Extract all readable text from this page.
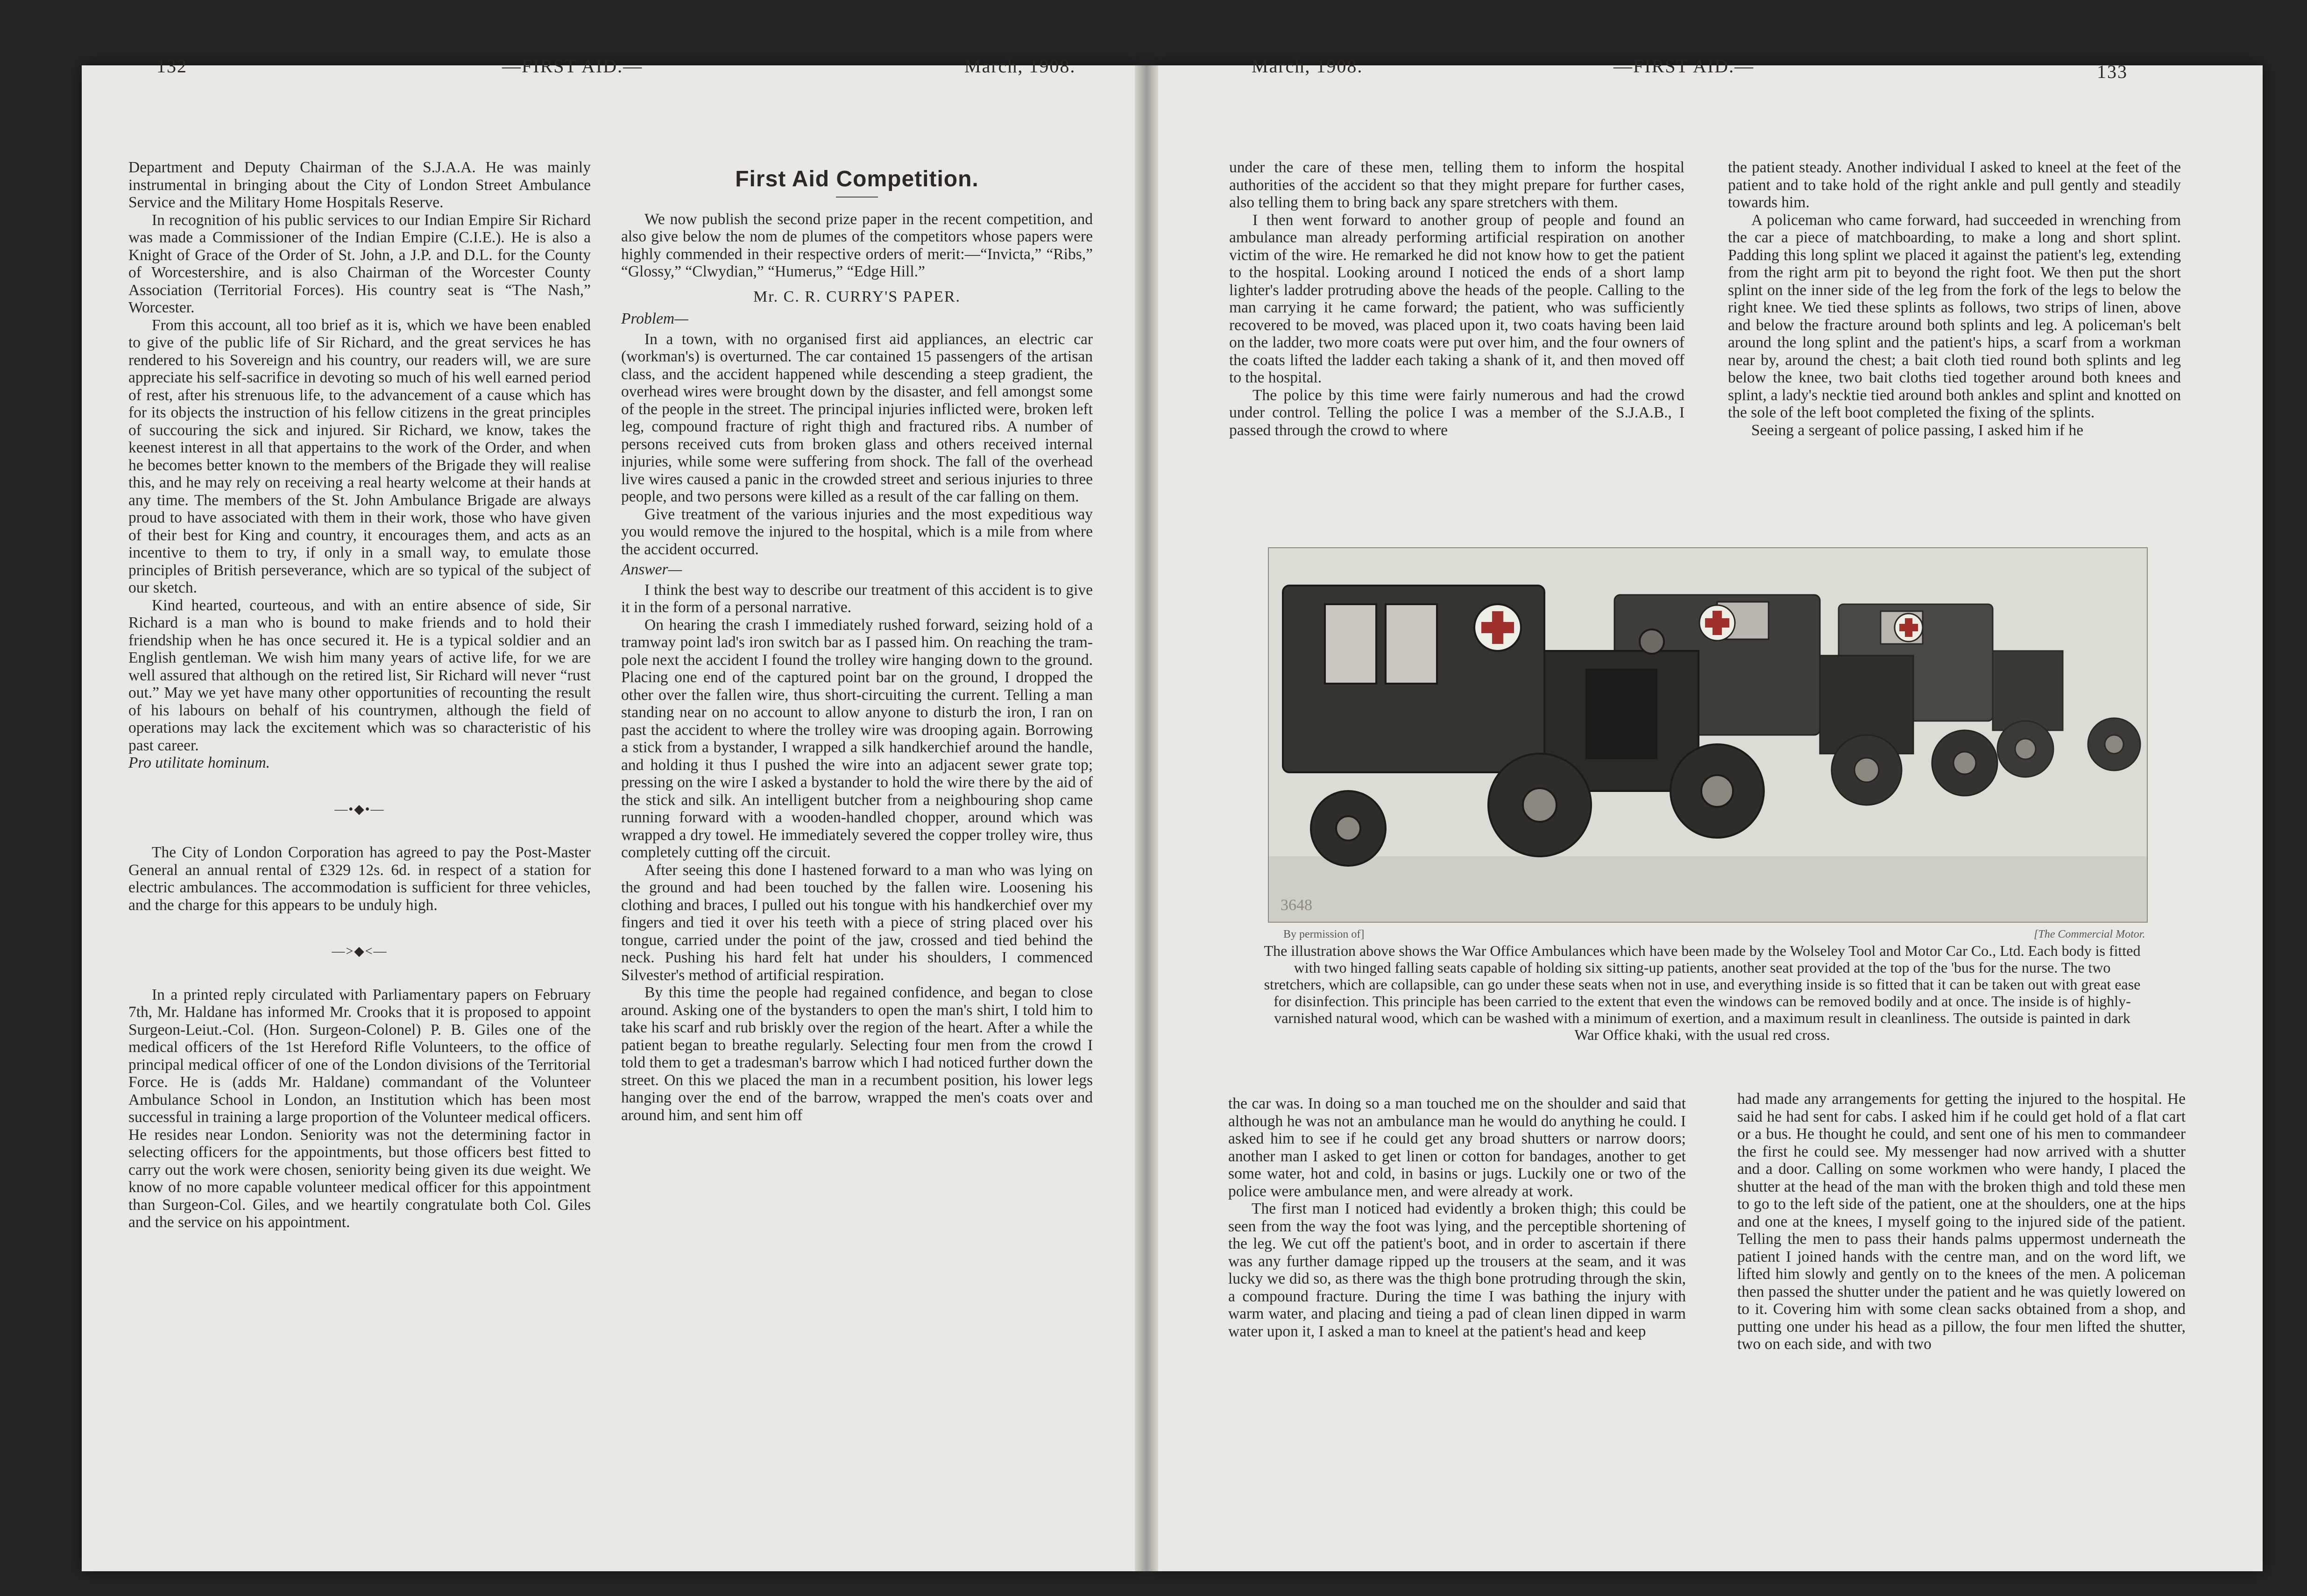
132	—FIRST AID.—	March, 1908.	March, 1908.	—FIRST AID.—	133

Department and Deputy Chairman of the S.J.A.A. He was mainly instrumental in bringing about the City of London Street Ambulance Service and the Military Home Hospitals Reserve.

In recognition of his public services to our Indian Empire Sir Richard was made a Commissioner of the Indian Empire (C.I.E.). He is also a Knight of Grace of the Order of St. John, a J.P. and D.L. for the County of Worcestershire, and is also Chairman of the Worcester County Association (Territorial Forces). His country seat is “The Nash,” Worcester.

From this account, all too brief as it is, which we have been enabled to give of the public life of Sir Richard, and the great services he has rendered to his Sovereign and his country, our readers will, we are sure appreciate his self-sacrifice in devoting so much of his well earned period of rest, after his strenuous life, to the advancement of a cause which has for its objects the instruction of his fellow citizens in the great principles of succouring the sick and injured. Sir Richard, we know, takes the keenest interest in all that appertains to the work of the Order, and when he becomes better known to the members of the Brigade they will realise this, and he may rely on receiving a real hearty welcome at their hands at any time. The members of the St. John Ambulance Brigade are always proud to have associated with them in their work, those who have given of their best for King and country, it encourages them, and acts as an incentive to them to try, if only in a small way, to emulate those principles of British perseverance, which are so typical of the subject of our sketch.

Kind hearted, courteous, and with an entire absence of side, Sir Richard is a man who is bound to make friends and to hold their friendship when he has once secured it. He is a typical soldier and an English gentleman. We wish him many years of active life, for we are well assured that although on the retired list, Sir Richard will never “rust out.” May we yet have many other opportunities of recounting the result of his labours on behalf of his countrymen, although the field of operations may lack the excitement which was so characteristic of his past career.

Pro utilitate hominum.

—•◆•—

The City of London Corporation has agreed to pay the Post-Master General an annual rental of £329 12s. 6d. in respect of a station for electric ambulances. The accommodation is sufficient for three vehicles, and the charge for this appears to be unduly high.

—>◆<—

In a printed reply circulated with Parliamentary papers on February 7th, Mr. Haldane has informed Mr. Crooks that it is proposed to appoint Surgeon-Leiut.-Col. (Hon. Surgeon-Colonel) P. B. Giles one of the medical officers of the 1st Hereford Rifle Volunteers, to the office of principal medical officer of one of the London divisions of the Territorial Force. He is (adds Mr. Haldane) commandant of the Volunteer Ambulance School in London, an Institution which has been most successful in training a large proportion of the Volunteer medical officers. He resides near London. Seniority was not the determining factor in selecting officers for the appointments, but those officers best fitted to carry out the work were chosen, seniority being given its due weight. We know of no more capable volunteer medical officer for this appointment than Surgeon-Col. Giles, and we heartily congratulate both Col. Giles and the service on his appointment.

First Aid Competition.

We now publish the second prize paper in the recent competition, and also give below the nom de plumes of the competitors whose papers were highly commended in their respective orders of merit:—“Invicta,” “Ribs,” “Glossy,” “Clwydian,” “Humerus,” “Edge Hill.”

Mr. C. R. CURRY'S PAPER.
Problem—

In a town, with no organised first aid appliances, an electric car (workman's) is overturned. The car contained 15 passengers of the artisan class, and the accident happened while descending a steep gradient, the overhead wires were brought down by the disaster, and fell amongst some of the people in the street. The principal injuries inflicted were, broken left leg, compound fracture of right thigh and fractured ribs. A number of persons received cuts from broken glass and others received internal injuries, while some were suffering from shock. The fall of the overhead live wires caused a panic in the crowded street and serious injuries to three people, and two persons were killed as a result of the car falling on them.

Give treatment of the various injuries and the most expeditious way you would remove the injured to the hospital, which is a mile from where the accident occurred.

Answer—

I think the best way to describe our treatment of this accident is to give it in the form of a personal narrative.

On hearing the crash I immediately rushed forward, seizing hold of a tramway point lad's iron switch bar as I passed him. On reaching the tram-pole next the accident I found the trolley wire hanging down to the ground. Placing one end of the captured point bar on the ground, I dropped the other over the fallen wire, thus short-circuiting the current. Telling a man standing near on no account to allow anyone to disturb the iron, I ran on past the accident to where the trolley wire was drooping again. Borrowing a stick from a bystander, I wrapped a silk handkerchief around the handle, and holding it thus I pushed the wire into an adjacent sewer grate top; pressing on the wire I asked a bystander to hold the wire there by the aid of the stick and silk. An intelligent butcher from a neighbouring shop came running forward with a wooden-handled chopper, around which was wrapped a dry towel. He immediately severed the copper trolley wire, thus completely cutting off the circuit.

After seeing this done I hastened forward to a man who was lying on the ground and had been touched by the fallen wire. Loosening his clothing and braces, I pulled out his tongue with his handkerchief over my fingers and tied it over his teeth with a piece of string placed over his tongue, carried under the point of the jaw, crossed and tied behind the neck. Pushing his hard felt hat under his shoulders, I commenced Silvester's method of artificial respiration.

By this time the people had regained confidence, and began to close around. Asking one of the bystanders to open the man's shirt, I told him to take his scarf and rub briskly over the region of the heart. After a while the patient began to breathe regularly. Selecting four men from the crowd I told them to get a tradesman's barrow which I had noticed further down the street. On this we placed the man in a recumbent position, his lower legs hanging over the end of the barrow, wrapped the men's coats over and around him, and sent him off

under the care of these men, telling them to inform the hospital authorities of the accident so that they might prepare for further cases, also telling them to bring back any spare stretchers with them.

I then went forward to another group of people and found an ambulance man already performing artificial respiration on another victim of the wire. He remarked he did not know how to get the patient to the hospital. Looking around I noticed the ends of a short lamp lighter's ladder protruding above the heads of the people. Calling to the man carrying it he came forward; the patient, who was sufficiently recovered to be moved, was placed upon it, two coats having been laid on the ladder, two more coats were put over him, and the four owners of the coats lifted the ladder each taking a shank of it, and then moved off to the hospital.

The police by this time were fairly numerous and had the crowd under control. Telling the police I was a member of the S.J.A.B., I passed through the crowd to where

the patient steady. Another individual I asked to kneel at the feet of the patient and to take hold of the right ankle and pull gently and steadily towards him.

A policeman who came forward, had succeeded in wrenching from the car a piece of matchboarding, to make a long and short splint. Padding this long splint we placed it against the patient's leg, extending from the right arm pit to beyond the right foot. We then put the short splint on the inner side of the leg from the fork of the legs to below the right knee. We tied these splints as follows, two strips of linen, above and below the fracture around both splints and leg. A policeman's belt around the long splint and the patient's hips, a scarf from a workman near by, around the chest; a bait cloth tied round both splints and leg below the knee, two bait cloths tied together around both knees and splint, a lady's necktie tied around both ankles and splint and knotted on the sole of the left boot completed the fixing of the splints.

Seeing a sergeant of police passing, I asked him if he

3648
By permission of]	[The Commercial Motor.
The illustration above shows the War Office Ambulances which have been made by the Wolseley Tool and Motor Car Co., Ltd. Each body is fitted with two hinged falling seats capable of holding six sitting-up patients, another seat provided at the top of the 'bus for the nurse. The two stretchers, which are collapsible, can go under these seats when not in use, and everything inside is so fitted that it can be taken out with great ease for disinfection. This principle has been carried to the extent that even the windows can be removed bodily and at once. The inside is of highly-varnished natural wood, which can be washed with a minimum of exertion, and a maximum result in cleanliness. The outside is painted in dark War Office khaki, with the usual red cross.

the car was. In doing so a man touched me on the shoulder and said that although he was not an ambulance man he would do anything he could. I asked him to see if he could get any broad shutters or narrow doors; another man I asked to get linen or cotton for bandages, another to get some water, hot and cold, in basins or jugs. Luckily one or two of the police were ambulance men, and were already at work.

The first man I noticed had evidently a broken thigh; this could be seen from the way the foot was lying, and the perceptible shortening of the leg. We cut off the patient's boot, and in order to ascertain if there was any further damage ripped up the trousers at the seam, and it was lucky we did so, as there was the thigh bone protruding through the skin, a compound fracture. During the time I was bathing the injury with warm water, and placing and tieing a pad of clean linen dipped in warm water upon it, I asked a man to kneel at the patient's head and keep

had made any arrangements for getting the injured to the hospital. He said he had sent for cabs. I asked him if he could get hold of a flat cart or a bus. He thought he could, and sent one of his men to commandeer the first he could see. My messenger had now arrived with a shutter and a door. Calling on some workmen who were handy, I placed the shutter at the head of the man with the broken thigh and told these men to go to the left side of the patient, one at the shoulders, one at the hips and one at the knees, I myself going to the injured side of the patient. Telling the men to pass their hands palms uppermost underneath the patient I joined hands with the centre man, and on the word lift, we lifted him slowly and gently on to the knees of the men. A policeman then passed the shutter under the patient and he was quietly lowered on to it. Covering him with some clean sacks obtained from a shop, and putting one under his head as a pillow, the four men lifted the shutter, two on each side, and with two
